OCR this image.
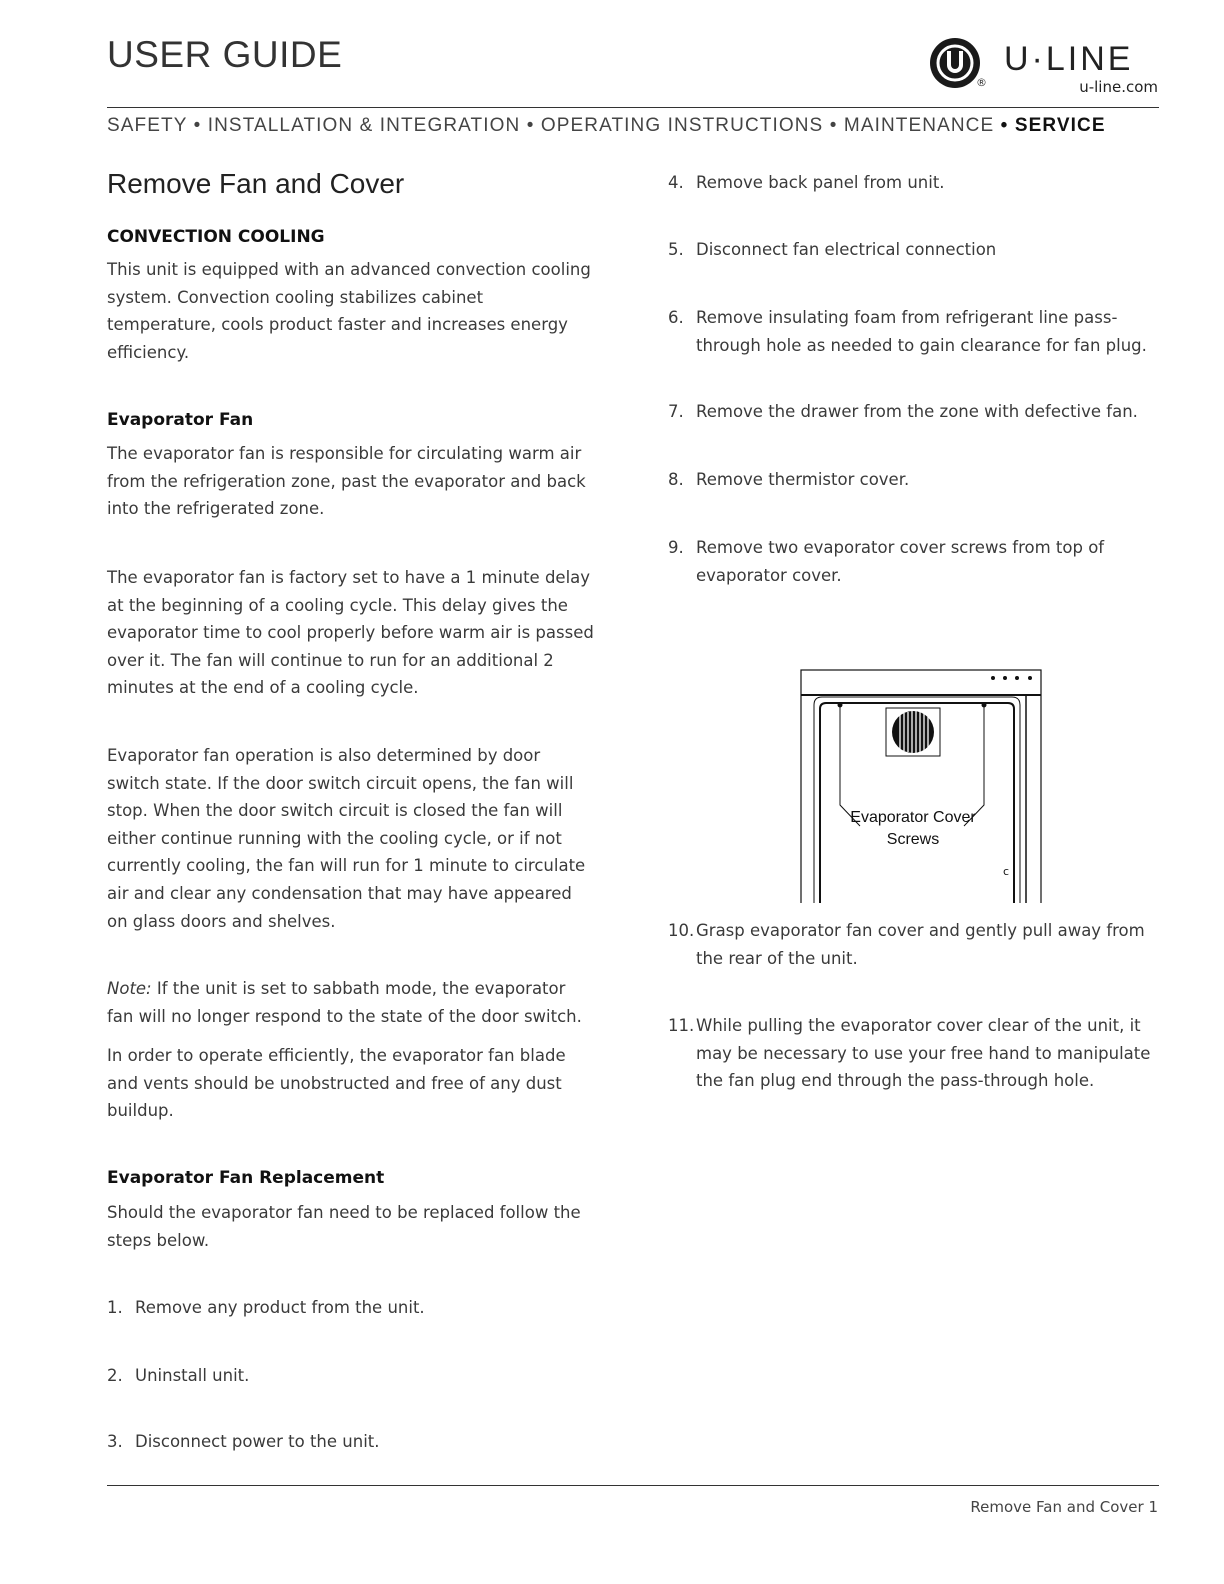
USER GUIDE
®
U·LINE
u-line.com
SAFETY • INSTALLATION & INTEGRATION • OPERATING INSTRUCTIONS • MAINTENANCE • SERVICE
Remove Fan and Cover
CONVECTION COOLING
This unit is equipped with an advanced convection cooling system. Convection cooling stabilizes cabinet temperature, cools product faster and increases energy efficiency.
Evaporator Fan
The evaporator fan is responsible for circulating warm air from the refrigeration zone, past the evaporator and back into the refrigerated zone.
The evaporator fan is factory set to have a 1 minute delay at the beginning of a cooling cycle. This delay gives the evaporator time to cool properly before warm air is passed over it. The fan will continue to run for an additional 2 minutes at the end of a cooling cycle.
Evaporator fan operation is also determined by door switch state. If the door switch circuit opens, the fan will stop. When the door switch circuit is closed the fan will either continue running with the cooling cycle, or if not currently cooling, the fan will run for 1 minute to circulate air and clear any condensation that may have appeared on glass doors and shelves.
Note: If the unit is set to sabbath mode, the evaporator fan will no longer respond to the state of the door switch.
In order to operate efficiently, the evaporator fan blade and vents should be unobstructed and free of any dust buildup.
Evaporator Fan Replacement
Should the evaporator fan need to be replaced follow the steps below.
1. Remove any product from the unit.
2. Uninstall unit.
3. Disconnect power to the unit.
4. Remove back panel from unit.
5. Disconnect fan electrical connection
6. Remove insulating foam from refrigerant line pass-through hole as needed to gain clearance for fan plug.
7. Remove the drawer from the zone with defective fan.
8. Remove thermistor cover.
9. Remove two evaporator cover screws from top of evaporator cover.
c
Evaporator Cover
Screws
10. Grasp evaporator fan cover and gently pull away from the rear of the unit.
11. While pulling the evaporator cover clear of the unit, it may be necessary to use your free hand to manipulate the fan plug end through the pass-through hole.
Remove Fan and Cover 1
